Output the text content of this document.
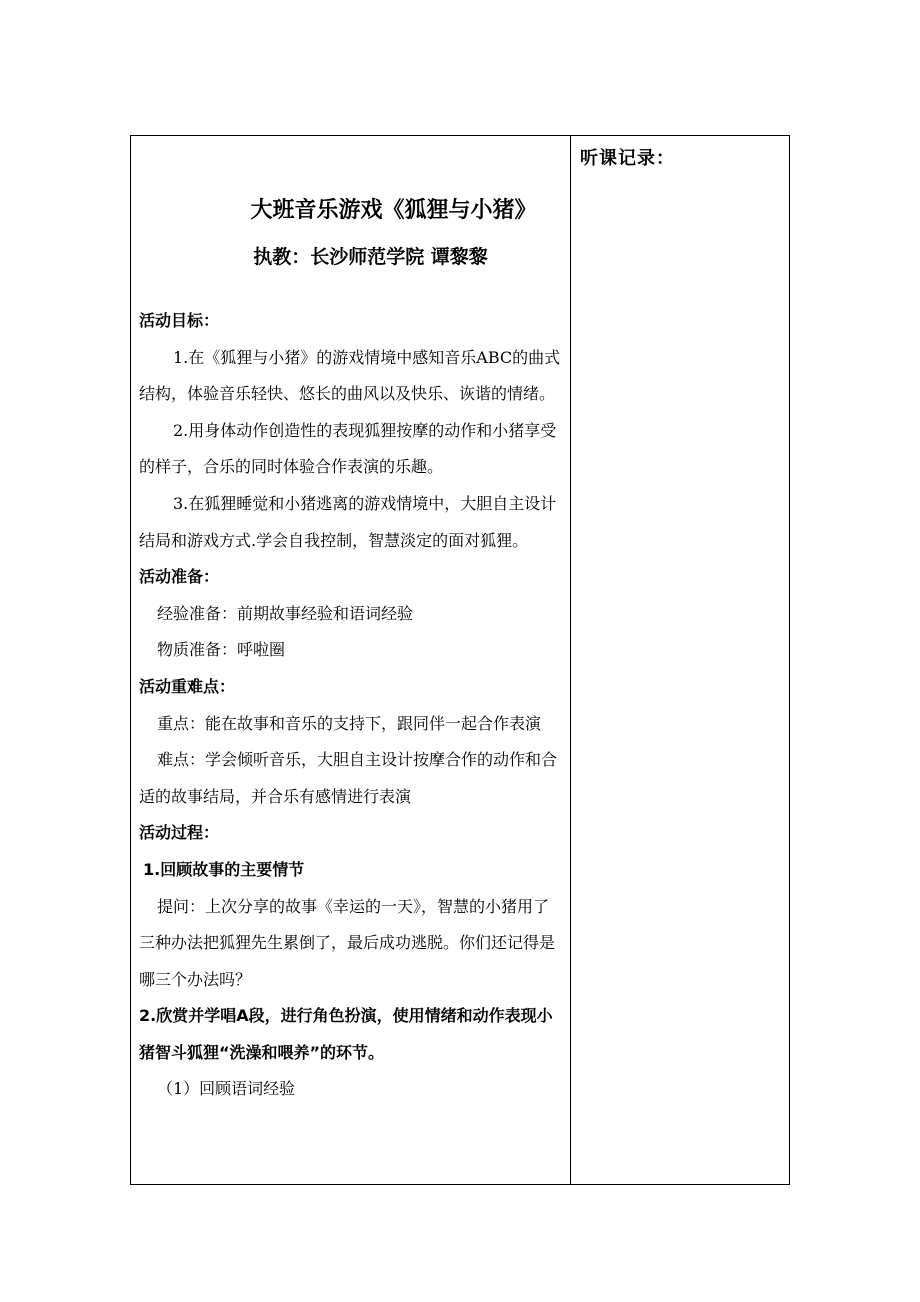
大班音乐游戏《狐狸与小猪》
执教：长沙师范学院 谭黎黎

活动目标：

1.在《狐狸与小猪》的游戏情境中感知音乐ABC的曲式结构，体验音乐轻快、悠长的曲风以及快乐、诙谐的情绪。

2.用身体动作创造性的表现狐狸按摩的动作和小猪享受的样子，合乐的同时体验合作表演的乐趣。

3.在狐狸睡觉和小猪逃离的游戏情境中，大胆自主设计结局和游戏方式.学会自我控制，智慧淡定的面对狐狸。

活动准备：

经验准备：前期故事经验和语词经验

物质准备：呼啦圈

活动重难点：

重点：能在故事和音乐的支持下，跟同伴一起合作表演

难点：学会倾听音乐，大胆自主设计按摩合作的动作和合适的故事结局，并合乐有感情进行表演

活动过程：

1.回顾故事的主要情节

提问：上次分享的故事《幸运的一天》，智慧的小猪用了三种办法把狐狸先生累倒了，最后成功逃脱。你们还记得是哪三个办法吗？

2.欣赏并学唱A段，进行角色扮演，使用情绪和动作表现小猪智斗狐狸“洗澡和喂养”的环节。

（1）回顾语词经验

听课记录：
